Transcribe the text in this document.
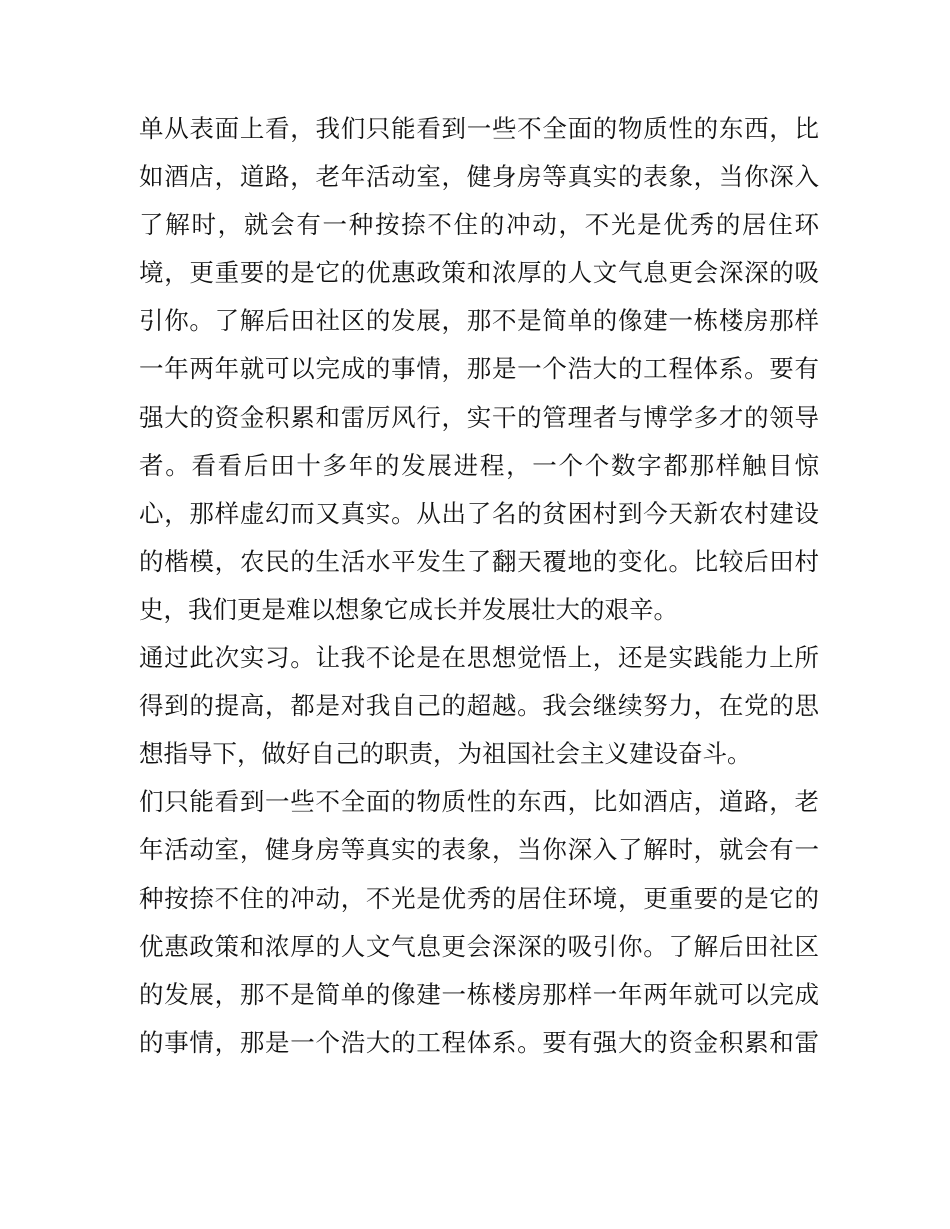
单从表面上看，我们只能看到一些不全面的物质性的东西，比
如酒店，道路，老年活动室，健身房等真实的表象，当你深入
了解时，就会有一种按捺不住的冲动，不光是优秀的居住环
境，更重要的是它的优惠政策和浓厚的人文气息更会深深的吸
引你。了解后田社区的发展，那不是简单的像建一栋楼房那样
一年两年就可以完成的事情，那是一个浩大的工程体系。要有
强大的资金积累和雷厉风行，实干的管理者与博学多才的领导
者。看看后田十多年的发展进程，一个个数字都那样触目惊
心，那样虚幻而又真实。从出了名的贫困村到今天新农村建设
的楷模，农民的生活水平发生了翻天覆地的变化。比较后田村
史，我们更是难以想象它成长并发展壮大的艰辛。
通过此次实习。让我不论是在思想觉悟上，还是实践能力上所
得到的提高，都是对我自己的超越。我会继续努力，在党的思
想指导下，做好自己的职责，为祖国社会主义建设奋斗。
们只能看到一些不全面的物质性的东西，比如酒店，道路，老
年活动室，健身房等真实的表象，当你深入了解时，就会有一
种按捺不住的冲动，不光是优秀的居住环境，更重要的是它的
优惠政策和浓厚的人文气息更会深深的吸引你。了解后田社区
的发展，那不是简单的像建一栋楼房那样一年两年就可以完成
的事情，那是一个浩大的工程体系。要有强大的资金积累和雷
